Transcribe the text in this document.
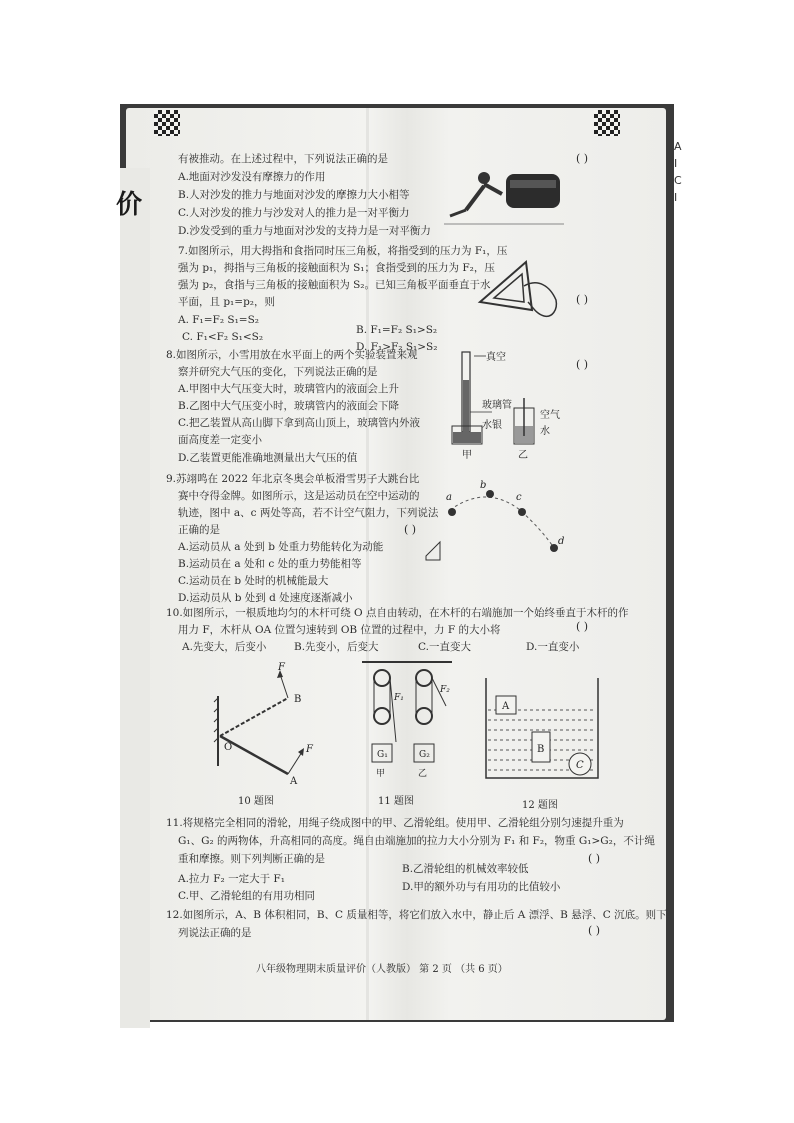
价
A
I
C
I
有被推动。在上述过程中，下列说法正确的是	( )
A.地面对沙发没有摩擦力的作用
B.人对沙发的推力与地面对沙发的摩擦力大小相等
C.人对沙发的推力与沙发对人的推力是一对平衡力
D.沙发受到的重力与地面对沙发的支持力是一对平衡力
7.如图所示，用大拇指和食指同时压三角板，将指受到的压力为 F₁，压
强为 p₁，拇指与三角板的接触面积为 S₁；食指受到的压力为 F₂，压
强为 p₂，食指与三角板的接触面积为 S₂。已知三角板平面垂直于水
平面，且 p₁=p₂，则	( )
A. F₁=F₂ S₁=S₂
B. F₁=F₂ S₁>S₂
C. F₁<F₂ S₁<S₂
D. F₁>F₂ S₁>S₂
8.如图所示，小雪用放在水平面上的两个实验装置来观
( )
察并研究大气压的变化，下列说法正确的是
A.甲图中大气压变大时，玻璃管内的液面会上升
B.乙图中大气压变小时，玻璃管内的液面会下降
C.把乙装置从高山脚下拿到高山顶上，玻璃管内外液
面高度差一定变小
D.乙装置更能准确地测量出大气压的值
真空
玻璃管
水银
空气
水
甲	乙
9.苏翊鸣在 2022 年北京冬奥会单板滑雪男子大跳台比
赛中夺得金牌。如图所示，这是运动员在空中运动的
轨迹，图中 a、c 两处等高，若不计空气阻力，下列说法
正确的是	( )
A.运动员从 a 处到 b 处重力势能转化为动能
B.运动员在 a 处和 c 处的重力势能相等
C.运动员在 b 处时的机械能最大
D.运动员从 b 处到 d 处速度逐渐减小
a
b
c
d
10.如图所示，一根质地均匀的木杆可绕 O 点自由转动，在木杆的右端施加一个始终垂直于木杆的作
用力 F，木杆从 OA 位置匀速转到 OB 位置的过程中，力 F 的大小将	( )
A.先变大，后变小	B.先变小，后变大	C.一直变大	D.一直变小
F
B
O	F
A
G₁
F₁
G₂
F₂
甲	乙
A
B
C
10 题图	11 题图	12 题图
11.将规格完全相同的滑轮，用绳子绕成图中的甲、乙滑轮组。使用甲、乙滑轮组分别匀速提升重为
G₁、G₂ 的两物体，升高相同的高度。绳自由端施加的拉力大小分别为 F₁ 和 F₂，物重 G₁>G₂，不计绳
重和摩擦。则下列判断正确的是	( )
A.拉力 F₂ 一定大于 F₁
B.乙滑轮组的机械效率较低
C.甲、乙滑轮组的有用功相同
D.甲的额外功与有用功的比值较小
12.如图所示，A、B 体积相同，B、C 质量相等，将它们放入水中，静止后 A 漂浮、B 悬浮、C 沉底。则下
列说法正确的是	( )
八年级物理期末质量评价（人教版） 第 2 页 （共 6 页）
